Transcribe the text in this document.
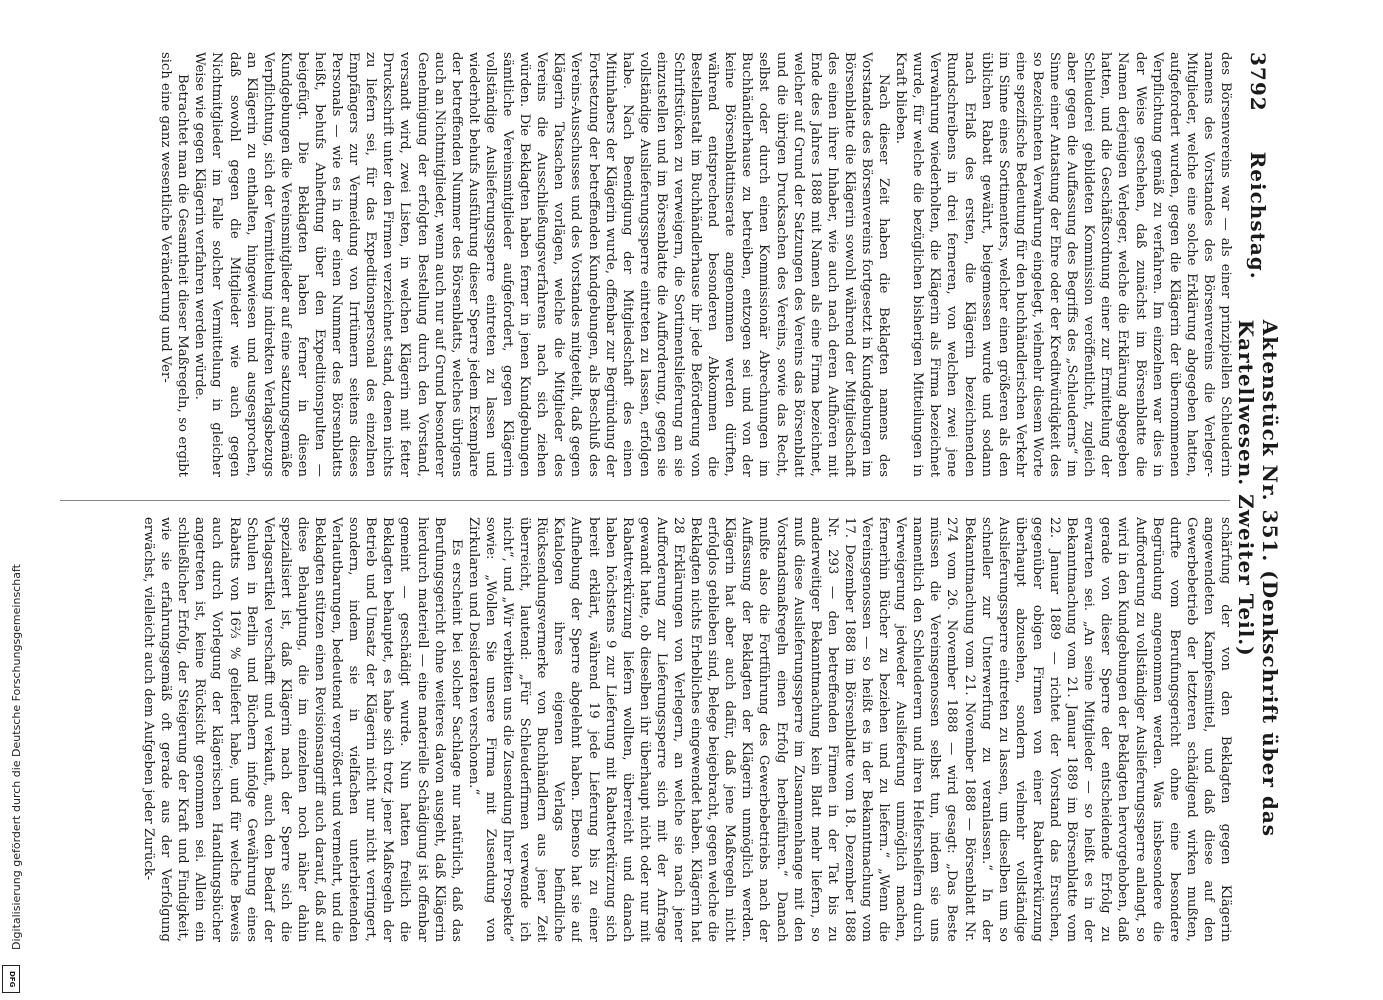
3792
Reichstag.
Aktenstück Nr. 351. (Denkschrift über das Kartellwesen. Zweiter Teil.)

des Börsenvereins war — als einer prinzipiellen Schleuderin namens des Vorstandes des Börsenvereins die Verleger-Mitglieder, welche eine solche Erklärung abgegeben hatten, aufgefordert wurden, gegen die Klägerin der übernommenen Verpflichtung gemäß zu verfahren. Im einzelnen war dies in der Weise geschehen, daß zunächst im Börsenblatte die Namen derjenigen Verleger, welche die Erklärung abgegeben hatten, und die Geschäftsordnung einer zur Ermittelung der Schleuderei gebildeten Kommission veröffentlicht, zugleich aber gegen die Auffassung des Begriffs des „Schleuderns“ im Sinne einer Antastung der Ehre oder der Kreditwürdigkeit des so Bezeichneten Verwahrung eingelegt, vielmehr diesem Worte eine spezifische Bedeutung für den buchhändlerischen Verkehr im Sinne eines Sortimenters, welcher einen größeren als den üblichen Rabatt gewährt, beigemessen wurde und sodann nach Erlaß des ersten, die Klägerin bezeichnenden Rundschreibens in drei ferneren, von welchen zwei jene Verwahrung wiederholten, die Klägerin als Firma bezeichnet wurde, für welche die bezüglichen bisherigen Mitteilungen in Kraft blieben.

Nach dieser Zeit haben die Beklagten namens des Vorstandes des Börsenvereins fortgesetzt in Kundgebungen im Börsenblatte die Klägerin sowohl während der Mitgliedschaft des einen ihrer Inhaber, wie auch nach deren Aufhören mit Ende des Jahres 1888 mit Namen als eine Firma bezeichnet, welcher auf Grund der Satzungen des Vereins das Börsenblatt und die übrigen Drucksachen des Vereins, sowie das Recht, selbst oder durch einen Kommissionär Abrechnungen im Buchhändlerhause zu betreiben, entzogen sei und von der keine Börsenblattinserate angenommen werden dürften, während entsprechend besonderen Abkommen die Bestellanstalt im Buchhändlerhause ihr jede Beförderung von Schriftstücken zu verweigern, die Sortimentslieferung an sie einzustellen und im Börsenblatte die Aufforderung, gegen sie vollständige Auslieferungssperre eintreten zu lassen, erfolgen habe. Nach Beendigung der Mitgliedschaft des einen Mitinhabers der Klägerin wurde, offenbar zur Begründung der Fortsetzung der betreffenden Kundgebungen, als Beschluß des Vereins-Ausschusses und des Vorstandes mitgeteilt, daß gegen Klägerin Tatsachen vorlägen, welche die Mitglieder des Vereins die Ausschließungsverfahrens nach sich ziehen würden. Die Beklagten haben ferner in jenen Kundgebungen sämtliche Vereinsmitglieder aufgefordert, gegen Klägerin vollständige Auslieferungssperre eintreten zu lassen und wiederholt behufs Ausführung dieser Sperre jedem Exemplare der betreffenden Nummer des Börsenblatts, welches übrigens auch an Nichtmitglieder, wenn auch nur auf Grund besonderer Genehmigung der erfolgten Bestellung durch den Vorstand, versandt wird, zwei Listen, in welchen Klägerin mit fetter Druckschrift unter den Firmen verzeichnet stand, denen nichts zu liefern sei, für das Expeditionspersonal des einzelnen Empfängers zur Vermeidung von Irrtümern seitens dieses Personals — wie es in der einen Nummer des Börsenblatts heißt, behufs Anheftung über den Expeditionspulten — beigefügt. Die Beklagten haben ferner in diesen Kundgebungen die Vereinsmitglieder auf eine satzungsgemäße Verpflichtung, sich der Vermittelung indirekten Verlagsbezugs an Klägerin zu enthalten, hingewiesen und ausgesprochen, daß sowohl gegen die Mitglieder wie auch gegen Nichtmitglieder im Falle solcher Vermittelung in gleicher Weise wie gegen Klägerin verfahren werden würde.

Betrachtet man die Gesamtheit dieser Maßregeln, so ergibt sich eine ganz wesentliche Veränderung und Ver-

schärfung der von den Beklagten gegen Klägerin angewendeten Kampfesmittel, und daß diese auf den Gewerbebetrieb der letzteren schädigend wirken mußten, durfte vom Berufungsgericht ohne eine besondere Begründung angenommen werden. Was insbesondere die Aufforderung zu vollständiger Auslieferungssperre anlangt, so wird in den Kundgebungen der Beklagten hervorgehoben, daß gerade von dieser Sperre der entscheidende Erfolg zu erwarten sei. „An seine Mitglieder — so heißt es in der Bekanntmachung vom 21. Januar 1889 im Börsenblatte vom 22. Januar 1889 — richtet der Vorstand das Ersuchen, gegenüber obigen Firmen von einer Rabattverkürzung überhaupt abzusehen, sondern vielmehr vollständige Auslieferungssperre eintreten zu lassen, um dieselben um so schneller zur Unterwerfung zu veranlassen.“ In der Bekanntmachung vom 21. November 1888 — Börsenblatt Nr. 274 vom 26. November 1888 — wird gesagt: „Das Beste müssen die Vereinsgenossen selbst tun, indem sie uns namentlich den Schleuderern und ihren Helfershelfern durch Verweigerung jedweder Auslieferung unmöglich machen, fernerhin Bücher zu beziehen und zu liefern.“ „Wenn die Vereinsgenossen — so heißt es in der Bekanntmachung vom 17. Dezember 1888 im Börsenblatte vom 18. Dezember 1888 Nr. 293 — den betreffenden Firmen in der Tat bis zu anderweitiger Bekanntmachung kein Blatt mehr liefern, so muß diese Auslieferungssperre im Zusammenhange mit den Vorstandsmaßregeln einen Erfolg herbeiführen.“ Danach mußte also die Fortführung des Gewerbebetriebs nach der Auffassung der Beklagten der Klägerin unmöglich werden. Klägerin hat aber auch dafür, daß jene Maßregeln nicht erfolglos geblieben sind, Belege beigebracht, gegen welche die Beklagten nichts Erhebliches eingewendet haben. Klägerin hat 28 Erklärungen von Verlegern, an welche sie nach jener Aufforderung zur Lieferungssperre sich mit der Anfrage gewandt hatte, ob dieselben ihr überhaupt nicht oder nur mit Rabattverkürzung liefern wollten, überreicht und danach haben höchstens 9 zur Lieferung mit Rabattverkürzung sich bereit erklärt, während 19 jede Lieferung bis zu einer Aufhebung der Sperre abgelehnt haben. Ebenso hat sie auf Katalogen ihres eigenen Verlags befindliche Rücksendungsvermerke von Buchhändlern aus jener Zeit überreicht, lautend: „Für Schleuderfirmen verwende ich nicht“, und „Wir verbitten uns die Zusendung Ihrer Prospekte“ sowie: „Wollen Sie unsere Firma mit Zusendung von Zirkularen und Desideraten verschonen.“

Es erscheint bei solcher Sachlage nur natürlich, daß das Berufungsgericht ohne weiteres davon ausgeht, daß Klägerin hierdurch materiell — eine materielle Schädigung ist offenbar gemeint — geschädigt wurde. Nun hatten freilich die Beklagten behauptet, es habe sich trotz jener Maßregeln der Betrieb und Umsatz der Klägerin nicht nur nicht verringert, sondern, indem sie in vielfachen unterbietenden Verlautbarungen, bedeutend vergrößert und vermehrt, und die Beklagten stützen einen Revisionsangriff auch darauf, daß auf diese Behauptung, die im einzelnen noch näher dahin spezialisiert ist, daß Klägerin nach der Sperre sich die Verlagsartikel verschafft und verkauft, auch den Bedarf der Schulen in Berlin und Büchern infolge Gewährung eines Rabatts von 16⅔ % geliefert habe, und für welche Beweis auch durch Vorlegung der klägerischen Handlungsbücher angetreten ist, keine Rücksicht genommen sei. Allein ein schließlicher Erfolg, der Steigerung der Kraft und Findigkeit, wie sie erfahrungsgemäß oft gerade aus der Verfolgung erwächst, vielleicht auch dem Aufgeben jeder Zurück-

Digitalisierung gefördert durch die Deutsche Forschungsgemeinschaft
DFG
